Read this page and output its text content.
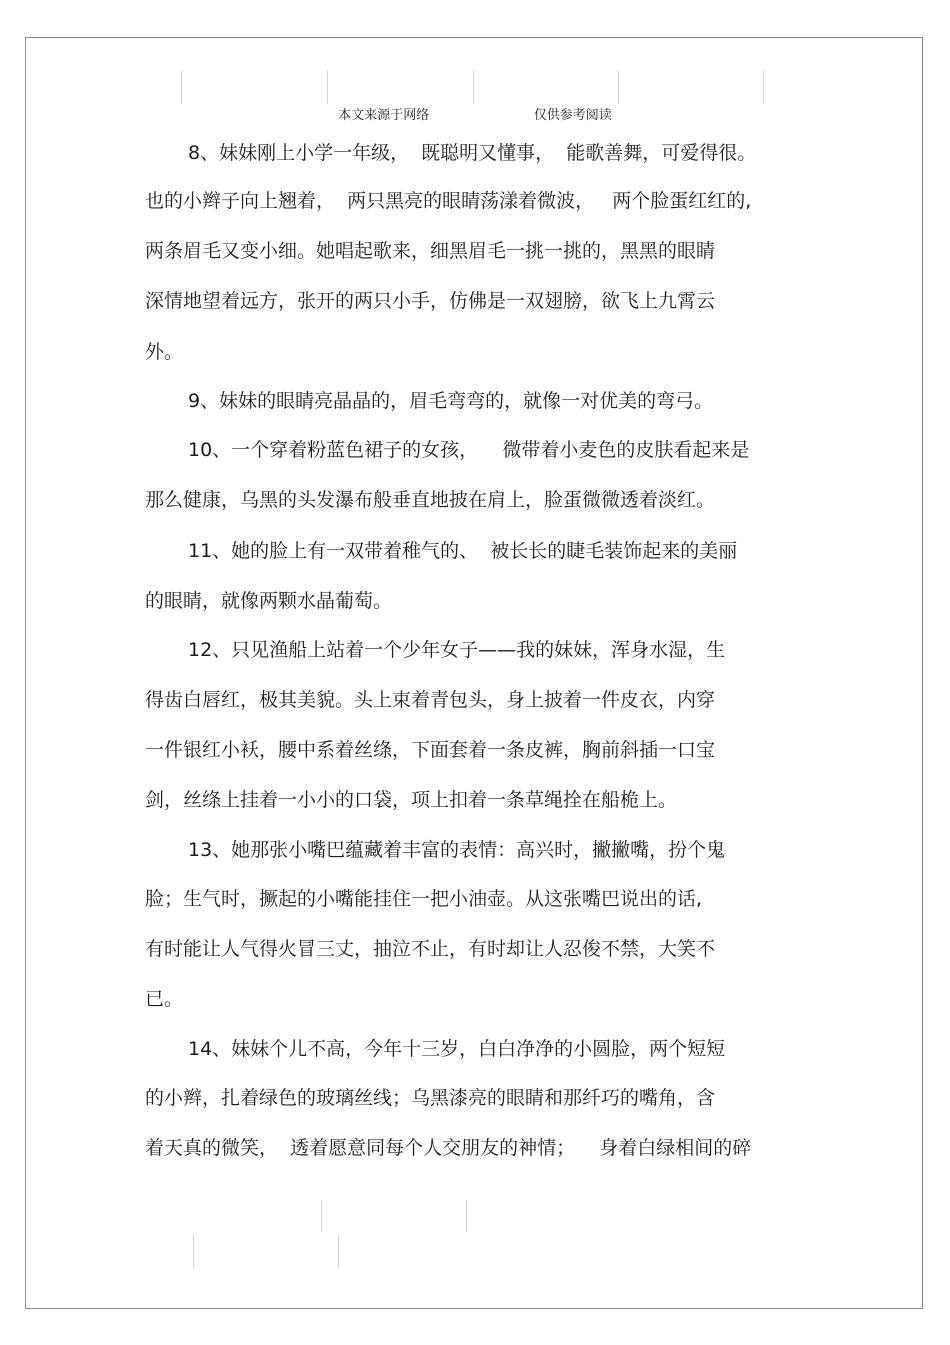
本文来源于网络    仅供参考阅读
8、妹妹刚上小学一年级，  既聪明又懂事，  能歌善舞，可爱得很。
也的小辫子向上翘着，  两只黑亮的眼睛荡漾着微波，   两个脸蛋红红的,
两条眉毛又变小细。她唱起歌来，细黑眉毛一挑一挑的，黑黑的眼睛
深情地望着远方，张开的两只小手，仿佛是一双翅膀，欲飞上九霄云
外。
9、妹妹的眼睛亮晶晶的，眉毛弯弯的，就像一对优美的弯弓。
10、一个穿着粉蓝色裙子的女孩，    微带着小麦色的皮肤看起来是
那么健康，乌黑的头发瀑布般垂直地披在肩上，脸蛋微微透着淡红。
11、她的脸上有一双带着稚气的、  被长长的睫毛装饰起来的美丽
的眼睛，就像两颗水晶葡萄。
12、只见渔船上站着一个少年女子——我的妹妹，浑身水湿，生
得齿白唇红，极其美貌。头上束着青包头，身上披着一件皮衣，内穿
一件银红小袄，腰中系着丝绦，下面套着一条皮裤，胸前斜插一口宝
剑，丝绦上挂着一小小的口袋，项上扣着一条草绳拴在船桅上。
13、她那张小嘴巴蕴藏着丰富的表情：高兴时，撇撇嘴，扮个鬼
脸；生气时，撅起的小嘴能挂住一把小油壶。从这张嘴巴说出的话,
有时能让人气得火冒三丈，抽泣不止，有时却让人忍俊不禁，大笑不
已。
14、妹妹个儿不高，今年十三岁，白白净净的小圆脸，两个短短
的小辫，扎着绿色的玻璃丝线；乌黑漆亮的眼睛和那纤巧的嘴角，含
着天真的微笑，  透着愿意同每个人交朋友的神情；    身着白绿相间的碎
